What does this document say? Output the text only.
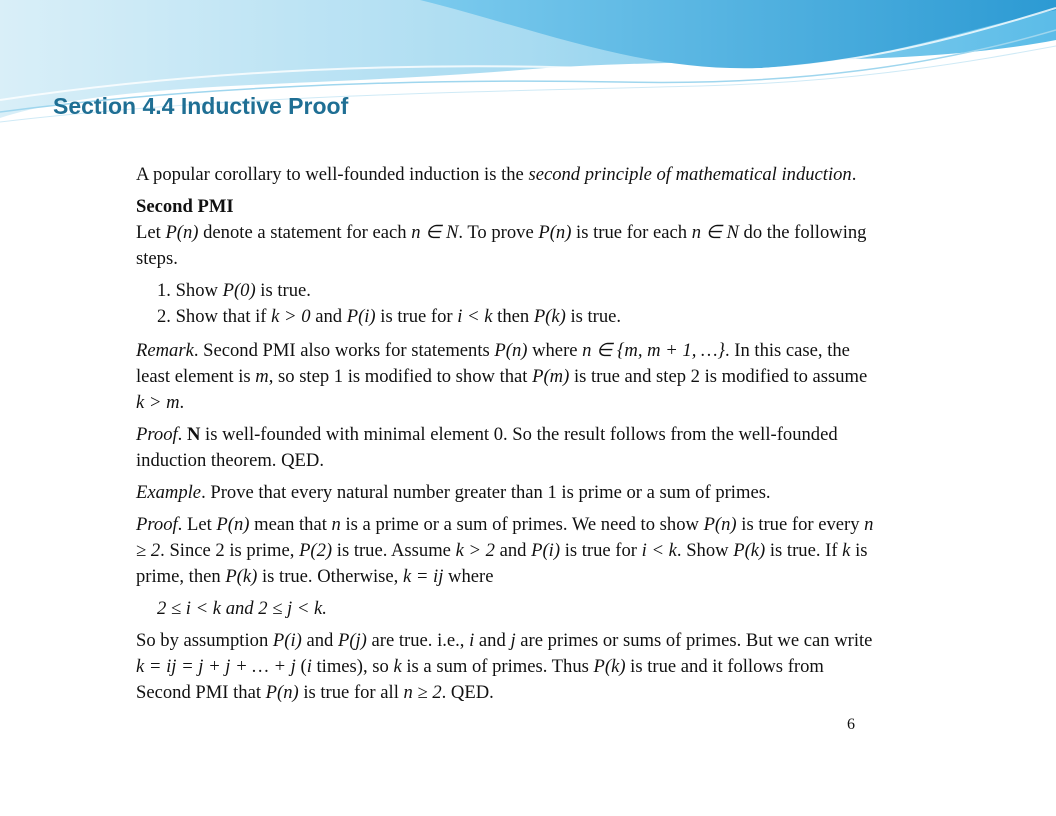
Section 4.4 Inductive Proof

A popular corollary to well-founded induction is the second principle of mathematical induction.

Second PMI

Let P(n) denote a statement for each n ∈ N. To prove P(n) is true for each n ∈ N do the following steps.

1. Show P(0) is true.
2. Show that if k > 0 and P(i) is true for i < k then P(k) is true.

Remark. Second PMI also works for statements P(n) where n ∈ {m, m + 1, …}. In this case, the least element is m, so step 1 is modified to show that P(m) is true and step 2 is modified to assume k > m.

Proof. N is well-founded with minimal element 0. So the result follows from the well-founded induction theorem. QED.

Example. Prove that every natural number greater than 1 is prime or a sum of primes.

Proof. Let P(n) mean that n is a prime or a sum of primes. We need to show P(n) is true for every n ≥ 2. Since 2 is prime, P(2) is true. Assume k > 2 and P(i) is true for i < k. Show P(k) is true. If k is prime, then P(k) is true. Otherwise, k = ij where

2 ≤ i < k and 2 ≤ j < k.

So by assumption P(i) and P(j) are true. i.e., i and j are primes or sums of primes. But we can write k = ij = j + j + … + j (i times), so k is a sum of primes. Thus P(k) is true and it follows from Second PMI that P(n) is true for all n ≥ 2. QED.

6
